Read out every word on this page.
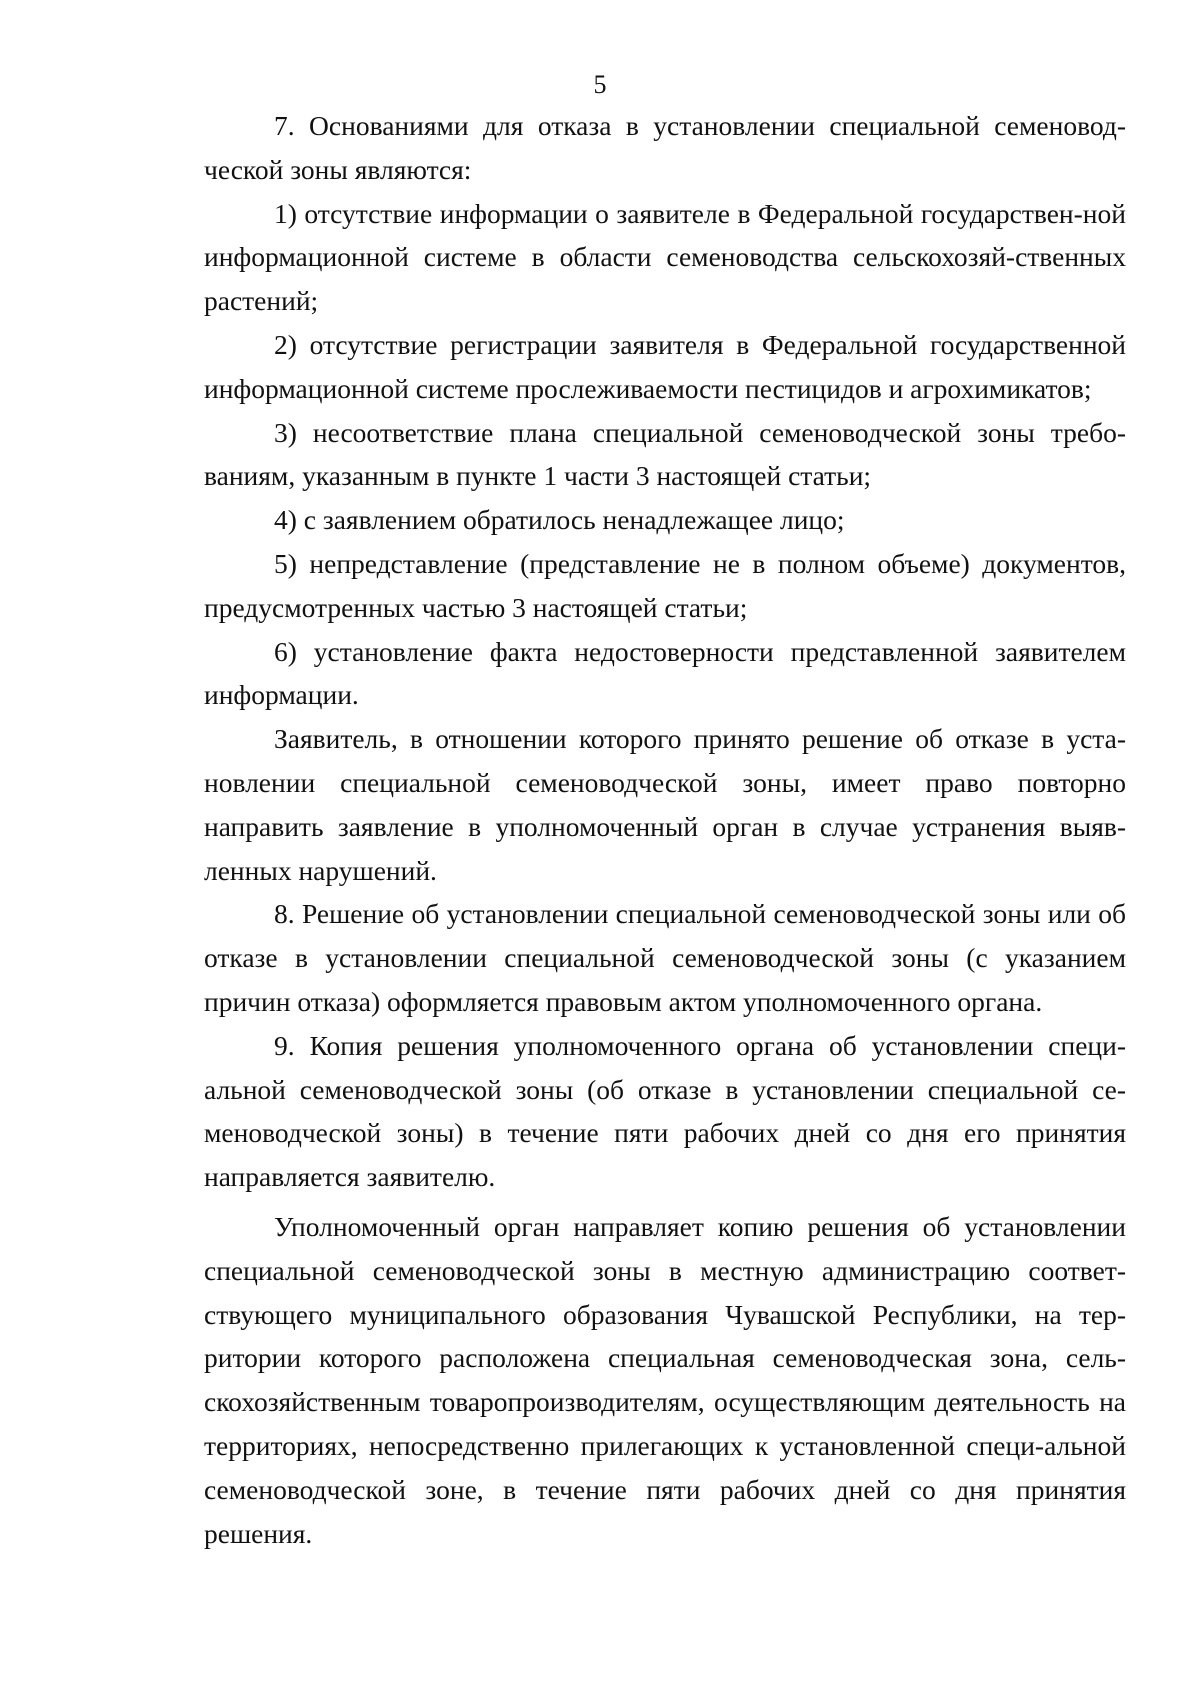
5

7. Основаниями для отказа в установлении специальной семеновод-ческой зоны являются:

1) отсутствие информации о заявителе в Федеральной государствен-ной информационной системе в области семеноводства сельскохозяй-ственных растений;

2) отсутствие регистрации заявителя в Федеральной государственной информационной системе прослеживаемости пестицидов и агрохимикатов;

3) несоответствие плана специальной семеноводческой зоны требо-ваниям, указанным в пункте 1 части 3 настоящей статьи;

4) с заявлением обратилось ненадлежащее лицо;

5) непредставление (представление не в полном объеме) документов, предусмотренных частью 3 настоящей статьи;

6) установление факта недостоверности представленной заявителем информации.

Заявитель, в отношении которого принято решение об отказе в уста-новлении специальной семеноводческой зоны, имеет право повторно направить заявление в уполномоченный орган в случае устранения выяв-ленных нарушений.

8. Решение об установлении специальной семеноводческой зоны или об отказе в установлении специальной семеноводческой зоны (с указанием причин отказа) оформляется правовым актом уполномоченного органа.

9. Копия решения уполномоченного органа об установлении специ-альной семеноводческой зоны (об отказе в установлении специальной се-меноводческой зоны) в течение пяти рабочих дней со дня его принятия направляется заявителю.

Уполномоченный орган направляет копию решения об установлении специальной семеноводческой зоны в местную администрацию соответ-ствующего муниципального образования Чувашской Республики, на тер-ритории которого расположена специальная семеноводческая зона, сель-скохозяйственным товаропроизводителям, осуществляющим деятельность на территориях, непосредственно прилегающих к установленной специ-альной семеноводческой зоне, в течение пяти рабочих дней со дня принятия решения.
